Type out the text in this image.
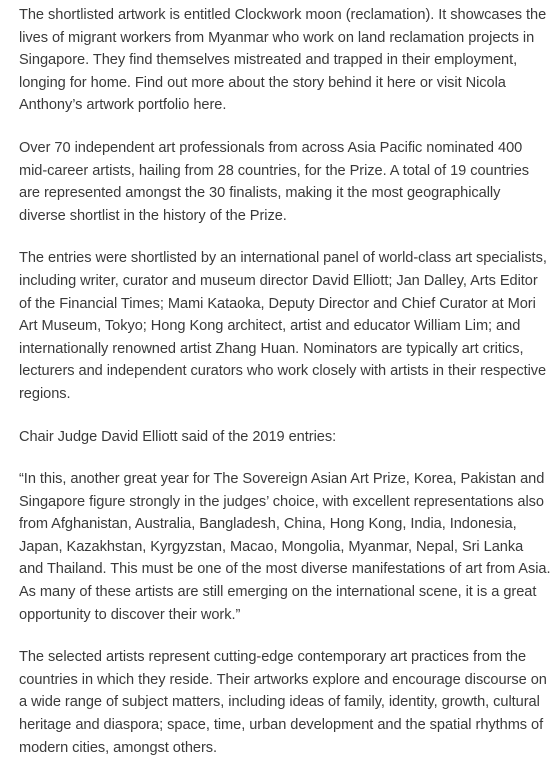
The shortlisted artwork is entitled Clockwork moon (reclamation). It showcases the lives of migrant workers from Myanmar who work on land reclamation projects in Singapore. They find themselves mistreated and trapped in their employment, longing for home. Find out more about the story behind it here or visit Nicola Anthony’s artwork portfolio here.

Over 70 independent art professionals from across Asia Pacific nominated 400 mid-career artists, hailing from 28 countries, for the Prize. A total of 19 countries are represented amongst the 30 finalists, making it the most geographically diverse shortlist in the history of the Prize.

The entries were shortlisted by an international panel of world-class art specialists, including writer, curator and museum director David Elliott; Jan Dalley, Arts Editor of the Financial Times; Mami Kataoka, Deputy Director and Chief Curator at Mori Art Museum, Tokyo; Hong Kong architect, artist and educator William Lim; and internationally renowned artist Zhang Huan. Nominators are typically art critics, lecturers and independent curators who work closely with artists in their respective regions.

Chair Judge David Elliott said of the 2019 entries:

“In this, another great year for The Sovereign Asian Art Prize, Korea, Pakistan and Singapore figure strongly in the judges’ choice, with excellent representations also from Afghanistan, Australia, Bangladesh, China, Hong Kong, India, Indonesia, Japan, Kazakhstan, Kyrgyzstan, Macao, Mongolia, Myanmar, Nepal, Sri Lanka and Thailand. This must be one of the most diverse manifestations of art from Asia. As many of these artists are still emerging on the international scene, it is a great opportunity to discover their work.”

The selected artists represent cutting-edge contemporary art practices from the countries in which they reside. Their artworks explore and encourage discourse on a wide range of subject matters, including ideas of family, identity, growth, cultural heritage and diaspora; space, time, urban development and the spatial rhythms of modern cities, amongst others.
